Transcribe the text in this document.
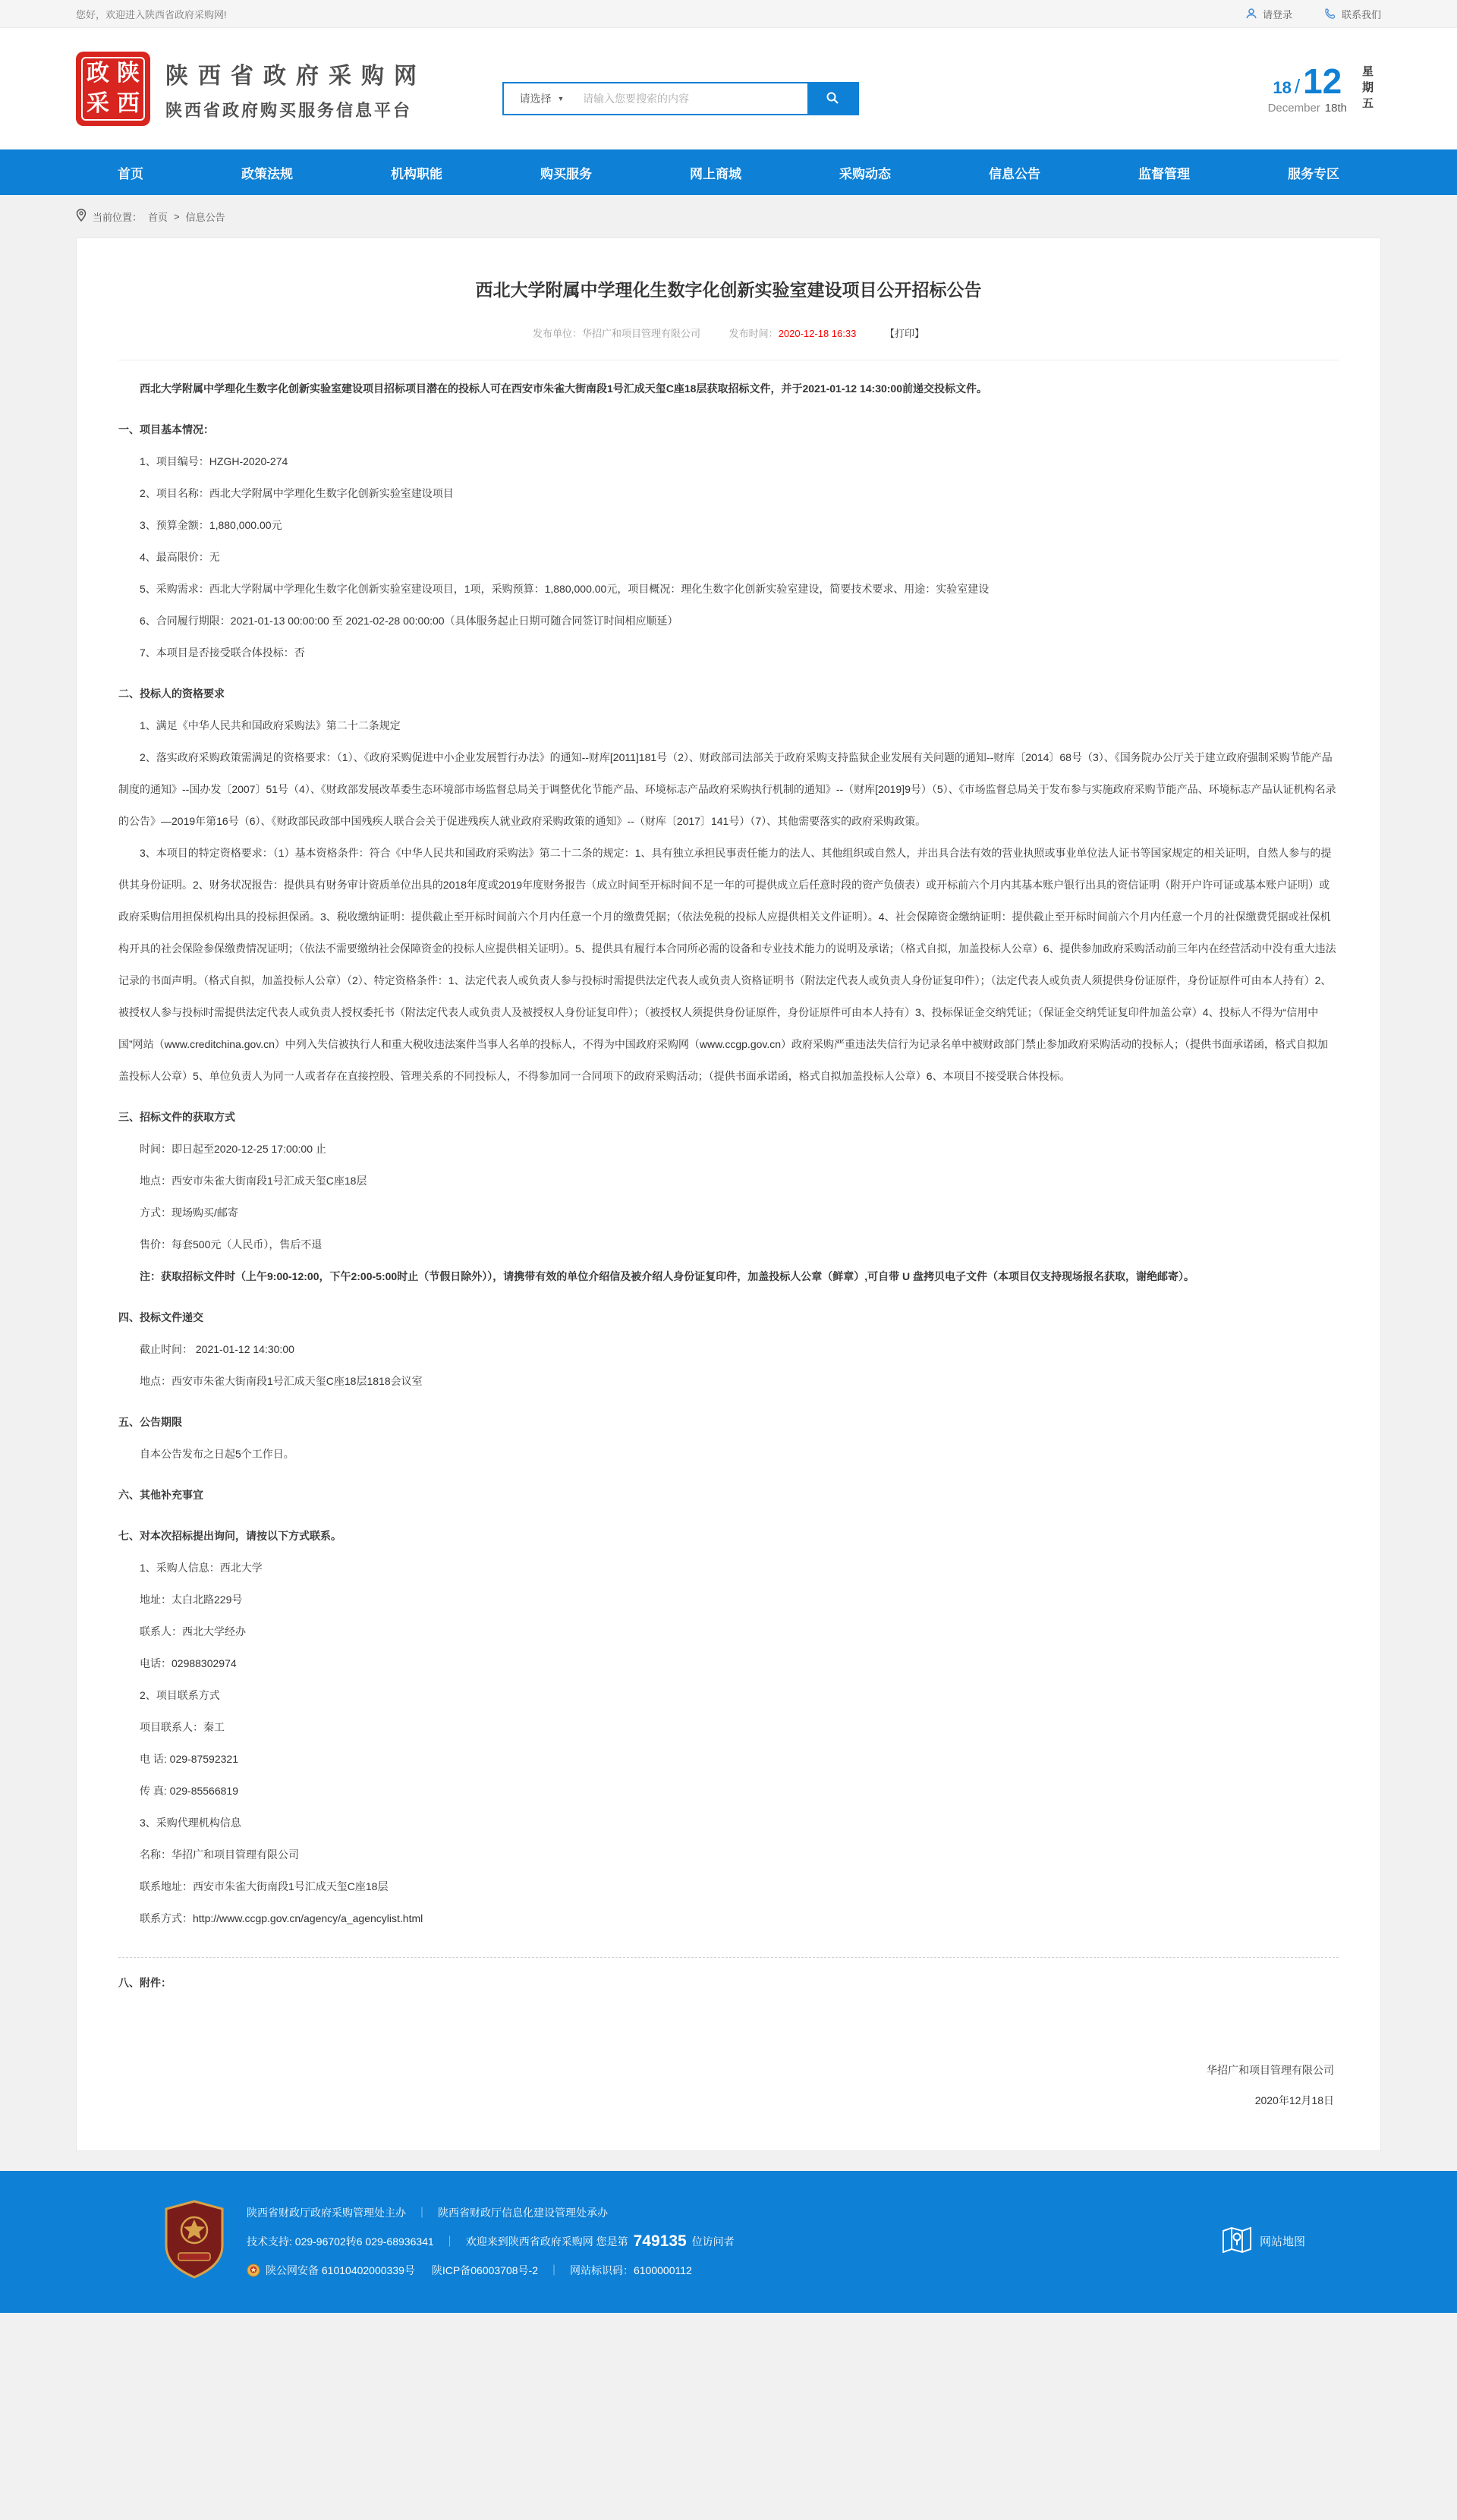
您好，欢迎进入陕西省政府采购网!	请登录	联系我们
政 陕
采 西
陕西省政府采购网
陕西省政府购买服务信息平台
请选择 ▼
请输入您要搜索的内容
18 / 12
December 18th 星期五
首页	政策法规	机构职能	购买服务	网上商城	采购动态	信息公告	监督管理	服务专区
当前位置： 首页 > 信息公告
西北大学附属中学理化生数字化创新实验室建设项目公开招标公告
发布单位：华招广和项目管理有限公司	发布时间：2020-12-18 16:33	【打印】

西北大学附属中学理化生数字化创新实验室建设项目招标项目潜在的投标人可在西安市朱雀大街南段1号汇成天玺C座18层获取招标文件，并于2021-01-12 14:30:00前递交投标文件。

一、项目基本情况：

1、项目编号：HZGH-2020-274

2、项目名称：西北大学附属中学理化生数字化创新实验室建设项目

3、预算金额：1,880,000.00元

4、最高限价：无

5、采购需求：西北大学附属中学理化生数字化创新实验室建设项目，1项，采购预算：1,880,000.00元，项目概况：理化生数字化创新实验室建设，简要技术要求、用途：实验室建设

6、合同履行期限：2021-01-13 00:00:00 至 2021-02-28 00:00:00（具体服务起止日期可随合同签订时间相应顺延）

7、本项目是否接受联合体投标：否

二、投标人的资格要求

1、满足《中华人民共和国政府采购法》第二十二条规定

2、落实政府采购政策需满足的资格要求：（1）、《政府采购促进中小企业发展暂行办法》的通知--财库[2011]181号（2）、财政部司法部关于政府采购支持监狱企业发展有关问题的通知--财库〔2014〕68号（3）、《国务院办公厅关于建立政府强制采购节能产品制度的通知》--国办发〔2007〕51号（4）、《财政部发展改革委生态环境部市场监督总局关于调整优化节能产品、环境标志产品政府采购执行机制的通知》--（财库[2019]9号）（5）、《市场监督总局关于发布参与实施政府采购节能产品、环境标志产品认证机构名录的公告》—2019年第16号（6）、《财政部民政部中国残疾人联合会关于促进残疾人就业政府采购政策的通知》--（财库〔2017〕141号）（7）、其他需要落实的政府采购政策。

3、本项目的特定资格要求：（1）基本资格条件：符合《中华人民共和国政府采购法》第二十二条的规定：1、具有独立承担民事责任能力的法人、其他组织或自然人，并出具合法有效的营业执照或事业单位法人证书等国家规定的相关证明，自然人参与的提供其身份证明。2、财务状况报告：提供具有财务审计资质单位出具的2018年度或2019年度财务报告（成立时间至开标时间不足一年的可提供成立后任意时段的资产负债表）或开标前六个月内其基本账户银行出具的资信证明（附开户许可证或基本账户证明）或政府采购信用担保机构出具的投标担保函。3、税收缴纳证明：提供截止至开标时间前六个月内任意一个月的缴费凭据；（依法免税的投标人应提供相关文件证明）。4、社会保障资金缴纳证明：提供截止至开标时间前六个月内任意一个月的社保缴费凭据或社保机构开具的社会保险参保缴费情况证明；（依法不需要缴纳社会保障资金的投标人应提供相关证明）。5、提供具有履行本合同所必需的设备和专业技术能力的说明及承诺；（格式自拟，加盖投标人公章）6、提供参加政府采购活动前三年内在经营活动中没有重大违法记录的书面声明。（格式自拟，加盖投标人公章）（2）、特定资格条件：1、法定代表人或负责人参与投标时需提供法定代表人或负责人资格证明书（附法定代表人或负责人身份证复印件）；（法定代表人或负责人须提供身份证原件，身份证原件可由本人持有）2、被授权人参与投标时需提供法定代表人或负责人授权委托书（附法定代表人或负责人及被授权人身份证复印件）；（被授权人须提供身份证原件，身份证原件可由本人持有）3、投标保证金交纳凭证；（保证金交纳凭证复印件加盖公章）4、投标人不得为“信用中国”网站（www.creditchina.gov.cn）中列入失信被执行人和重大税收违法案件当事人名单的投标人，不得为中国政府采购网（www.ccgp.gov.cn）政府采购严重违法失信行为记录名单中被财政部门禁止参加政府采购活动的投标人；（提供书面承诺函，格式自拟加盖投标人公章）5、单位负责人为同一人或者存在直接控股、管理关系的不同投标人，不得参加同一合同项下的政府采购活动；（提供书面承诺函，格式自拟加盖投标人公章）6、本项目不接受联合体投标。

三、招标文件的获取方式

时间：即日起至2020-12-25 17:00:00 止

地点：西安市朱雀大街南段1号汇成天玺C座18层

方式：现场购买/邮寄

售价：每套500元（人民币），售后不退

注：获取招标文件时（上午9:00-12:00，下午2:00-5:00时止（节假日除外）），请携带有效的单位介绍信及被介绍人身份证复印件，加盖投标人公章（鲜章）,可自带 U 盘拷贝电子文件（本项目仅支持现场报名获取，谢绝邮寄）。

四、投标文件递交

截止时间： 2021-01-12 14:30:00

地点：西安市朱雀大街南段1号汇成天玺C座18层1818会议室

五、公告期限

自本公告发布之日起5个工作日。

六、其他补充事宜

七、对本次招标提出询问，请按以下方式联系。

1、采购人信息：西北大学

地址：太白北路229号

联系人：西北大学经办

电话：02988302974

2、项目联系方式

项目联系人：秦工

电 话: 029-87592321

传 真: 029-85566819

3、采购代理机构信息

名称：华招广和项目管理有限公司

联系地址：西安市朱雀大街南段1号汇成天玺C座18层

联系方式：http://www.ccgp.gov.cn/agency/a_agencylist.html

八、附件：

华招广和项目管理有限公司
2020年12月18日
陕西省财政厅政府采购管理处主办 ｜ 陕西省财政厅信息化建设管理处承办
技术支持: 029-96702转6 029-68936341 ｜ 欢迎来到陕西省政府采购网 您是第 749135 位访问者
陕公网安备 61010402000339号 陕ICP备06003708号-2 ｜ 网站标识码：6100000112
网站地图
